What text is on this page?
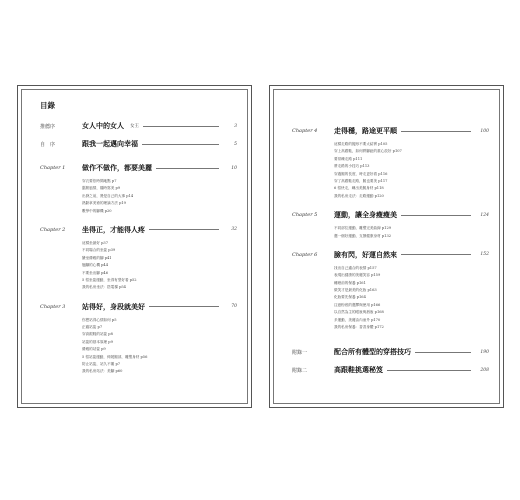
目錄
推薦序	女人中的女人 女王	3
自　序	跟我一起邁向幸福	5
Chapter 1	做作不做作，都要美麗	10
穿衣要依時間地點 p7
腦筋風情，隨時寫美 p9
出發之前，燙是自己的大事 p14
熟齡拿美術的理論方法 p19
數學中的腳機 p20
Chapter 2	坐得正，才能得人疼	32
這樣坐最好 p37
不同場合的坐姿 p39
蠻坐優雅的腳 p41
翹腳的心機 p44
不要坐出腳 p46
5 招坐姿運動，坐得有型好看 p52
我的私房坐法：搭電梯 p54
Chapter 3	站得好，身段就美好	70
你想站得心情如何 p5
正確站姿 p7
穿高跟鞋的站姿 p8
站姿的基本原理 p9
優雅的站姿 p9
5 招站姿運動，伸展腿部，雕塑身材 p56
防止站姿，站久不累 p7
我的私房站法：美腳 p60
Chapter 4	走得穩，路途更平順	100
這樣走路的腿形不要太結實 p105
穿上高跟鞋，如何將腳趾的重心放好 p107
要常練走路 p111
將走路的小技巧 p113
穿過腿的長度，時走更好看 p116
穿了高跟鞋走路，腿也要美 p117
6 招快走，練出美腿身材 p118
我的私房走法：走路運動 p120
Chapter 5	運動，讓全身瘦瘦美	124
不同部位運動，雕塑完美曲線 p129
選一個好運動，支撐健康身材 p132
Chapter 6	臉有閃，好運自然來	152
找出自己適合的表情 p157
表現出健康的美麗笑容 p159
睡眠前的保養 p161
微笑才是最美的化妝 p163
化妝要先保養 p164
注意粉底的選擇與使用 p166
以自然為主的眼妝與唇妝 p168
多運動，美麗由內而外 p170
我的私房保養：香香身體 p172
附錄一	配合所有體型的穿搭技巧	190
附錄二	高跟鞋挑選秘笈	208
